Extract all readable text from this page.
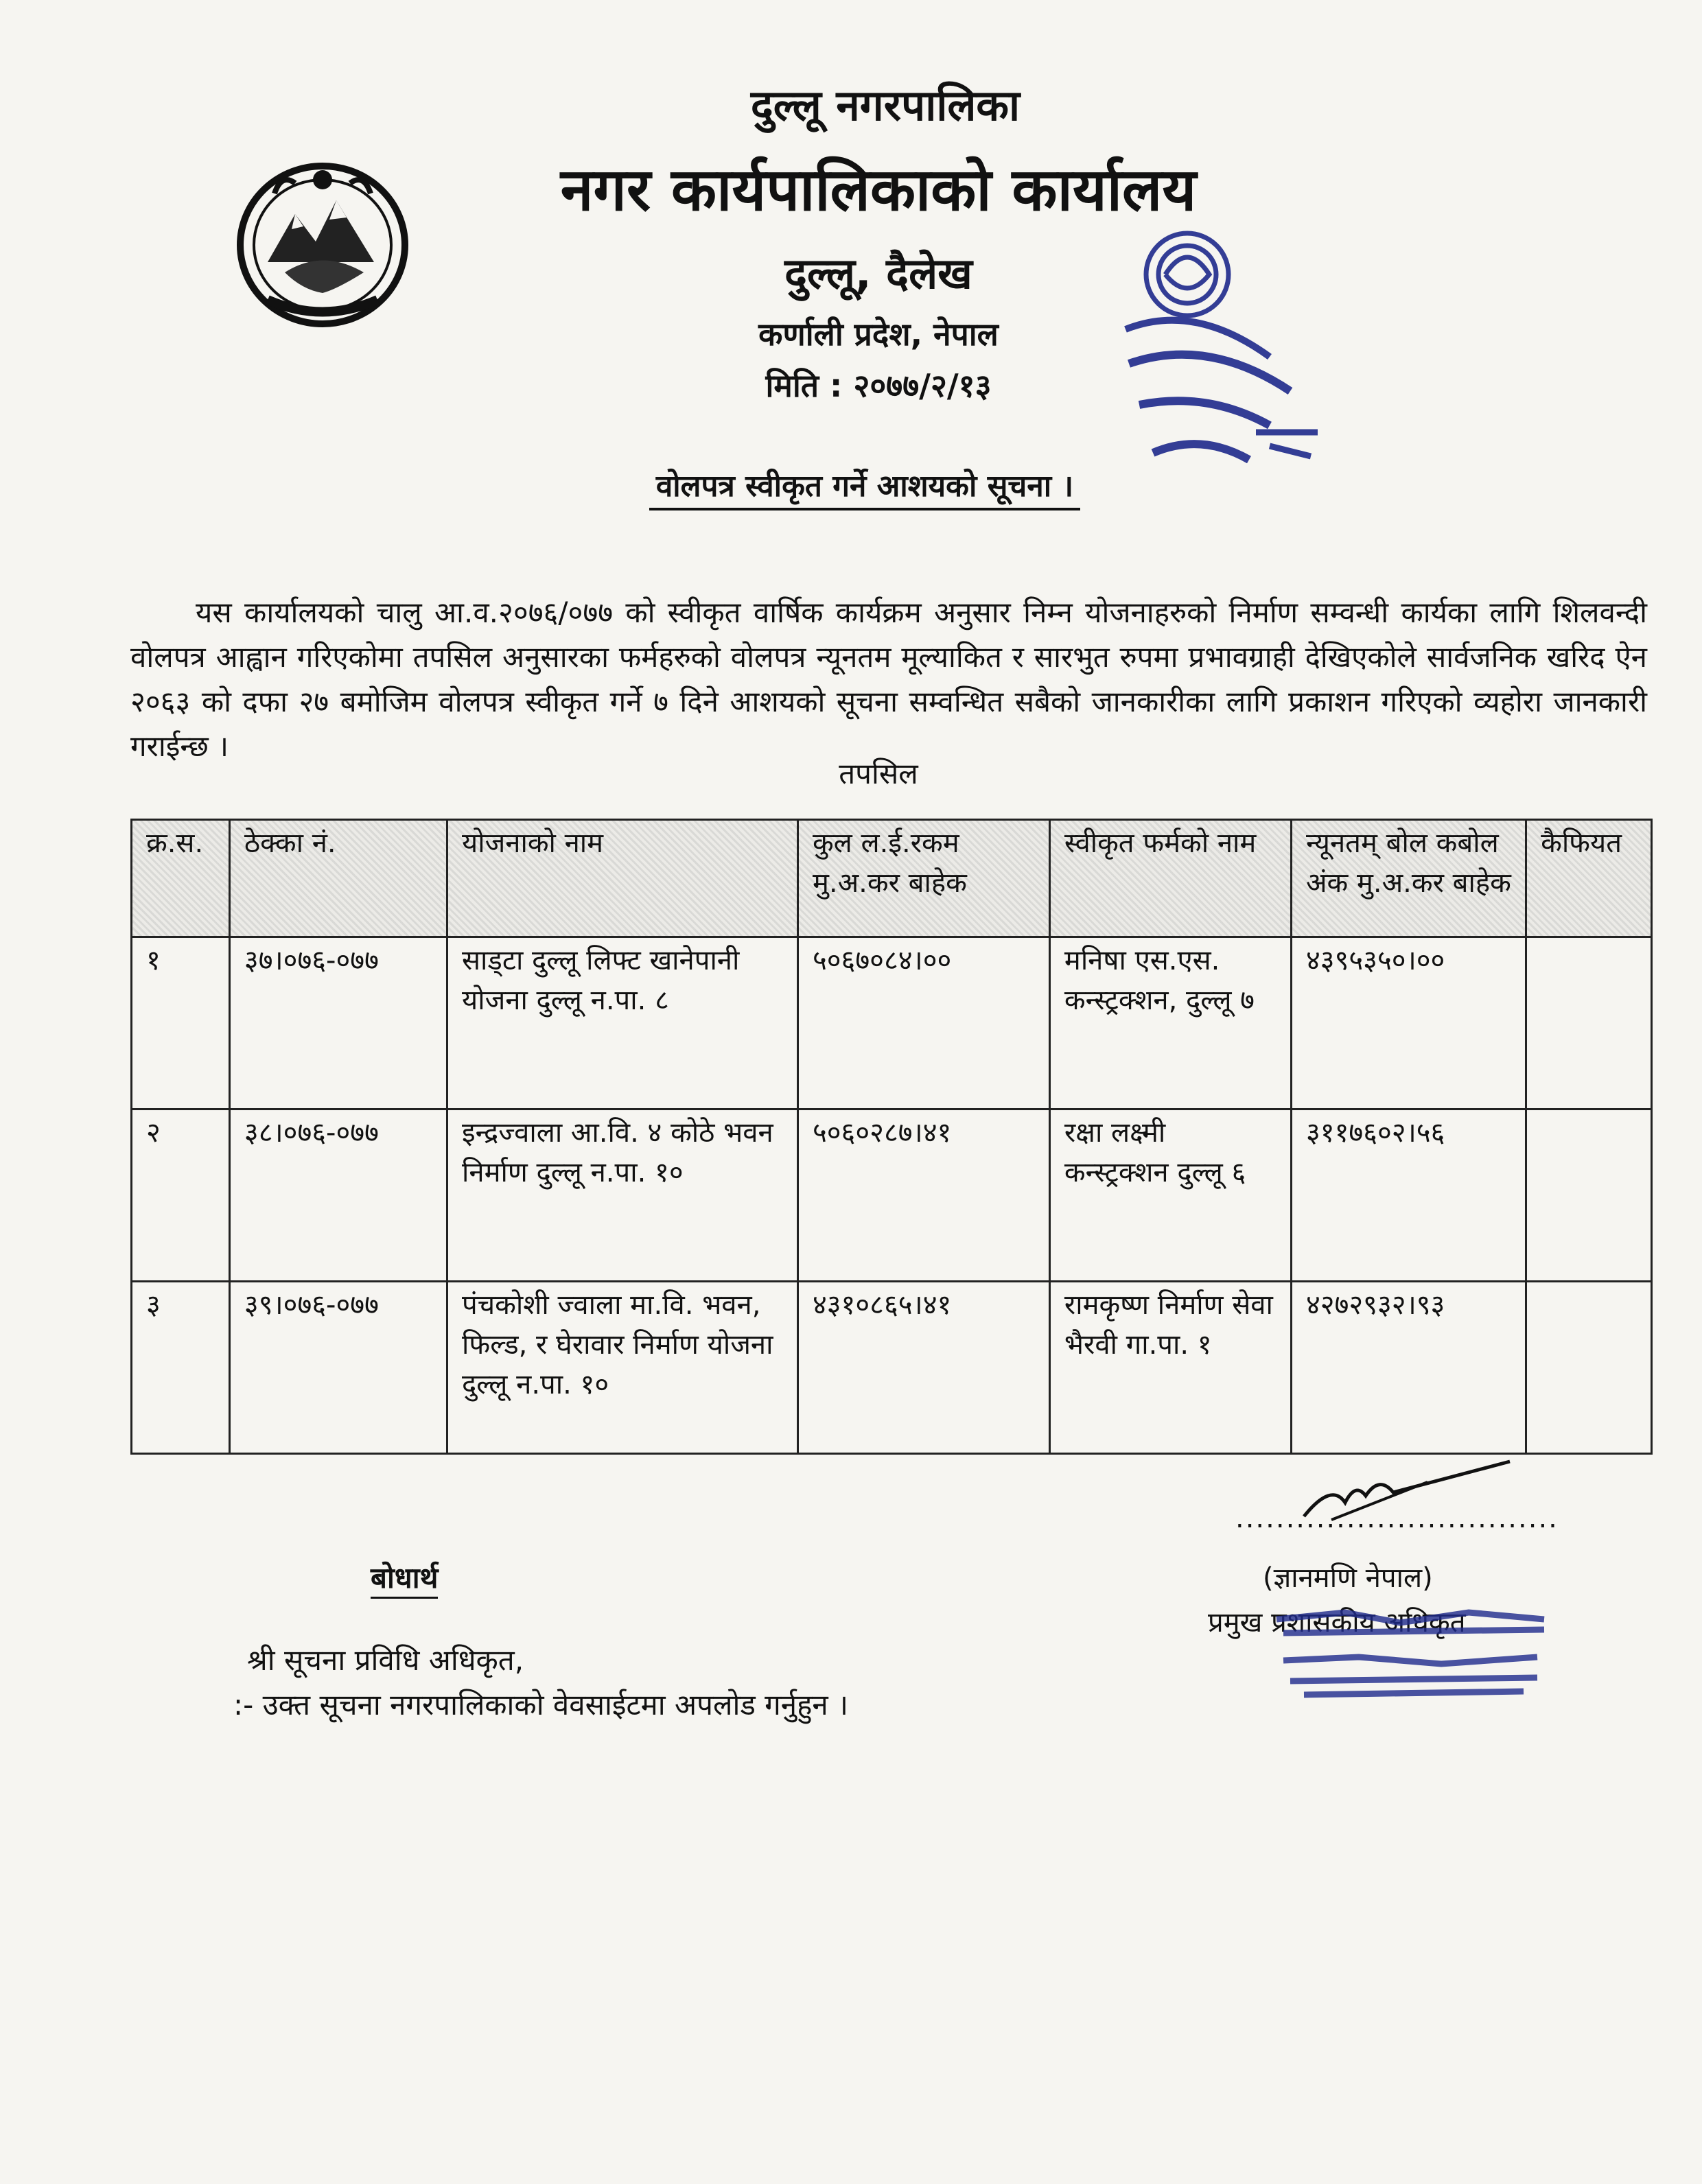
दुल्लू नगरपालिका
नगर कार्यपालिकाको कार्यालय
दुल्लू, दैलेख
कर्णाली प्रदेश, नेपाल
मिति : २०७७/२/१३
वोलपत्र स्वीकृत गर्ने आशयको सूचना ।

यस कार्यालयको चालु आ.व.२०७६/०७७ को स्वीकृत वार्षिक कार्यक्रम अनुसार निम्न योजनाहरुको निर्माण सम्वन्धी कार्यका लागि शिलवन्दी वोलपत्र आह्वान गरिएकोमा तपसिल अनुसारका फर्महरुको वोलपत्र न्यूनतम मूल्याकित र सारभुत रुपमा प्रभावग्राही देखिएकोले सार्वजनिक खरिद ऐन २०६३ को दफा २७ बमोजिम वोलपत्र स्वीकृत गर्ने ७ दिने आशयको सूचना सम्वन्धित सबैको जानकारीका लागि प्रकाशन गरिएको व्यहोरा जानकारी गराईन्छ ।

तपसिल
क्र.स.	ठेक्का नं.	योजनाको नाम	कुल ल.ई.रकम मु.अ.कर बाहेक	स्वीकृत फर्मको नाम	न्यूनतम् बोल कबोल अंक मु.अ.कर बाहेक	कैफियत
१	३७।०७६-०७७	साड्टा दुल्लू लिफ्ट खानेपानी योजना दुल्लू न.पा. ८	५०६७०८४।००	मनिषा एस.एस. कन्स्ट्रक्शन, दुल्लू ७	४३९५३५०।००	
२	३८।०७६-०७७	इन्द्रज्वाला आ.वि. ४ कोठे भवन निर्माण दुल्लू न.पा. १०	५०६०२८७।४१	रक्षा लक्ष्मी कन्स्ट्रक्शन दुल्लू ६	३११७६०२।५६	
३	३९।०७६-०७७	पंचकोशी ज्वाला मा.वि. भवन, फिल्ड, र घेरावार निर्माण योजना दुल्लू न.पा. १०	४३१०८६५।४१	रामकृष्ण निर्माण सेवा भैरवी गा.पा. १	४२७२९३२।९३	
................................
(ज्ञानमणि नेपाल)
प्रमुख प्रशासकीय अधिकृत
बोधार्थ
श्री सूचना प्रविधि अधिकृत,
:- उक्त सूचना नगरपालिकाको वेवसाईटमा अपलोड गर्नुहुन ।
